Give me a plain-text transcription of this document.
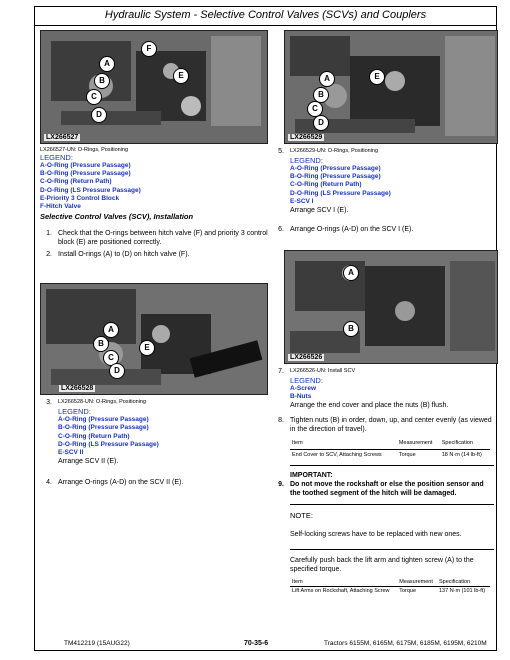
Hydraulic System - Selective Control Valves (SCVs) and Couplers
F
A
E
B
C
D
LX266527
LX266527-UN: O-Rings, Positioning
LEGEND:
A-O-Ring (Pressure Passage)
B-O-Ring (Pressure Passage)
C-O-Ring (Return Path)
D-O-Ring (LS Pressure Passage)
E-Priority 3 Control Block
F-Hitch Valve
Selective Control Valves (SCV), Installation
1. Check that the O-rings between hitch valve (F) and priority 3 control block (E) are positioned correctly.
2. Install O-rings (A) to (D) on hitch valve (F).
A
B
C
D
E
LX266528
3. LX266528-UN: O-Rings, Positioning
LEGEND:
A-O-Ring (Pressure Passage)
B-O-Ring (Pressure Passage)
C-O-Ring (Return Path)
D-O-Ring (LS Pressure Passage)
E-SCV II
Arrange SCV II (E).
4. Arrange O-rings (A-D) on the SCV II (E).
A	E
B
C
D
LX266529
5. LX266529-UN: O-Rings, Positioning
LEGEND:
A-O-Ring (Pressure Passage)
B-O-Ring (Pressure Passage)
C-O-Ring (Return Path)
D-O-Ring (LS Pressure Passage)
E-SCV I
Arrange SCV I (E).
6. Arrange O-rings (A-D) on the SCV I (E).
A
B
LX266526
7. LX266526-UN: Install SCV
LEGEND:
A-Screw
B-Nuts
Arrange the end cover and place the nuts (B) flush.
8. Tighten nuts (B) in order, down, up, and center evenly (as viewed in the direction of travel).
Item	Measurement	Specification
End Cover to SCV, Attaching Screws	Torque	18 N·m (14 lb-ft)
IMPORTANT:
9. Do not move the rockshaft or else the position sensor and the toothed segment of the hitch will be damaged.
NOTE:
Self-locking screws have to be replaced with new ones.
Carefully push back the lift arm and tighten screw (A) to the specified torque.
Item	Measurement	Specification
Lift Arms on Rockshaft, Attaching Screw	Torque	137 N·m (101 lb-ft)
TM412219 (15AUG22)	70-35-6	Tractors 6155M, 6165M, 6175M, 6185M, 6195M, 6210M
